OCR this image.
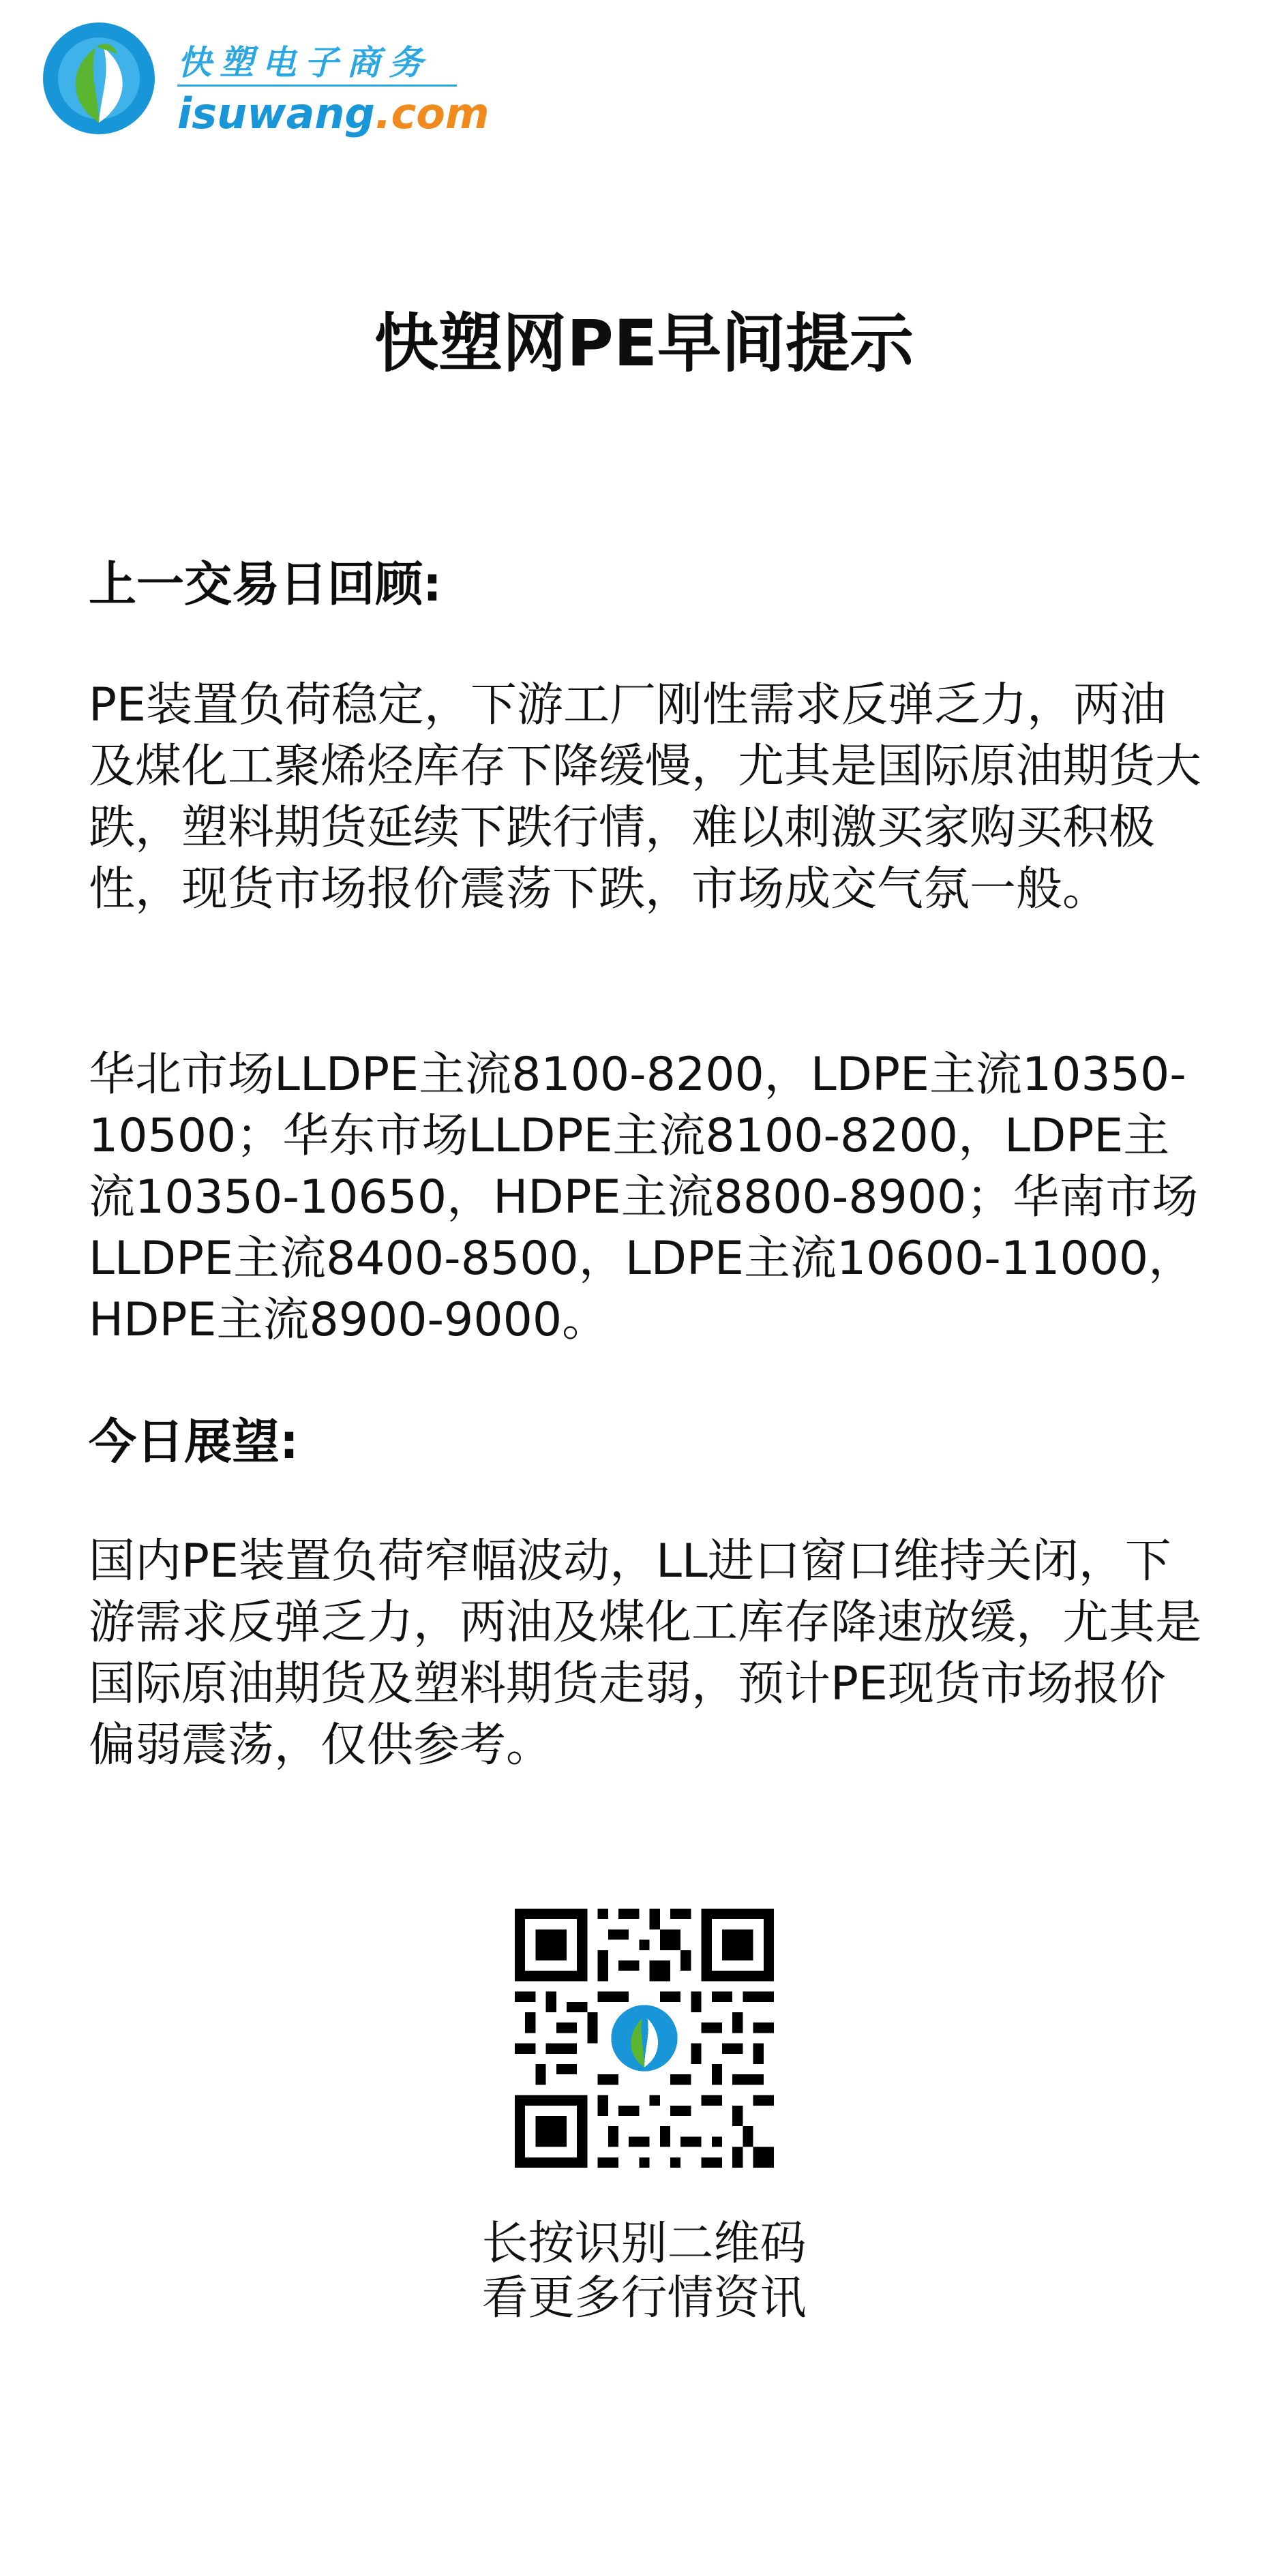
快塑电子商务
isuwang.com
快塑网PE早间提示
上一交易日回顾:
PE装置负荷稳定，下游工厂刚性需求反弹乏力，两油及煤化工聚烯烃库存下降缓慢，尤其是国际原油期货大跌，塑料期货延续下跌行情，难以刺激买家购买积极性，现货市场报价震荡下跌，市场成交气氛一般。
华北市场LLDPE主流8100-8200，LDPE主流10350-10500；华东市场LLDPE主流8100-8200，LDPE主流10350-10650，HDPE主流8800-8900；华南市场LLDPE主流8400-8500，LDPE主流10600-11000，HDPE主流8900-9000。
今日展望:
国内PE装置负荷窄幅波动，LL进口窗口维持关闭，下游需求反弹乏力，两油及煤化工库存降速放缓，尤其是国际原油期货及塑料期货走弱，预计PE现货市场报价偏弱震荡，仅供参考。
长按识别二维码
看更多行情资讯
